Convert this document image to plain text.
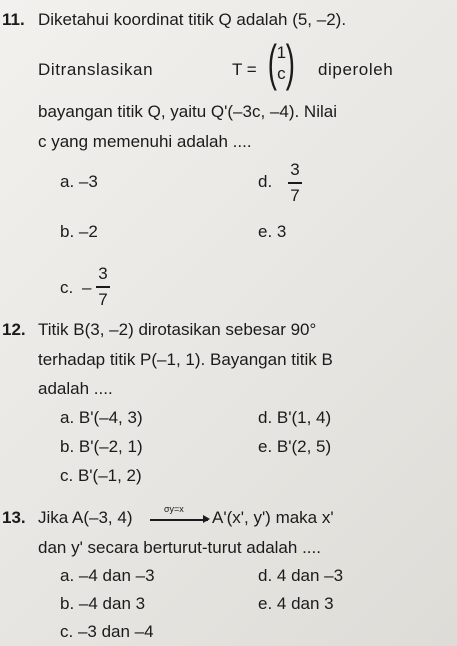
11. Diketahui koordinat titik Q adalah (5, –2).
Ditranslasikan	T = ( 1
c ) diperoleh
bayangan titik Q, yaitu Q'(–3c, –4). Nilai
c yang memenuhi adalah ....
a. –3	d.
3
7
b. –2	e. 3
c. –
3
7
12. Titik B(3, –2) dirotasikan sebesar 90°
terhadap titik P(–1, 1). Bayangan titik B
adalah ....
a. B'(–4, 3)	d. B'(1, 4)
b. B'(–2, 1)	e. B'(2, 5)
c. B'(–1, 2)
13. Jika A(–3, 4)	σy=x A'(x', y') maka x'
dan y' secara berturut-turut adalah ....
a. –4 dan –3	d. 4 dan –3
b. –4 dan 3	e. 4 dan 3
c. –3 dan –4
